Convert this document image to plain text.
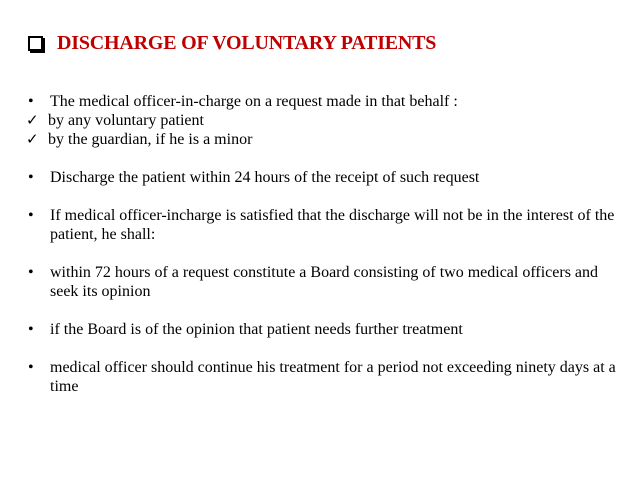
DISCHARGE OF VOLUNTARY PATIENTS
•	The medical officer-in-charge on a request made in that behalf :
✓ by any voluntary patient
✓ by the guardian, if he is a minor
•	Discharge the patient within 24 hours of the receipt of such request
•	If medical officer-incharge is satisfied that the discharge will not be in the interest of the patient, he shall:
•	within 72 hours of a request constitute a Board consisting of two medical officers and seek its opinion
•	if the Board is of the opinion that patient needs further treatment
•	medical officer should continue his treatment for a period not exceeding ninety days at a time
